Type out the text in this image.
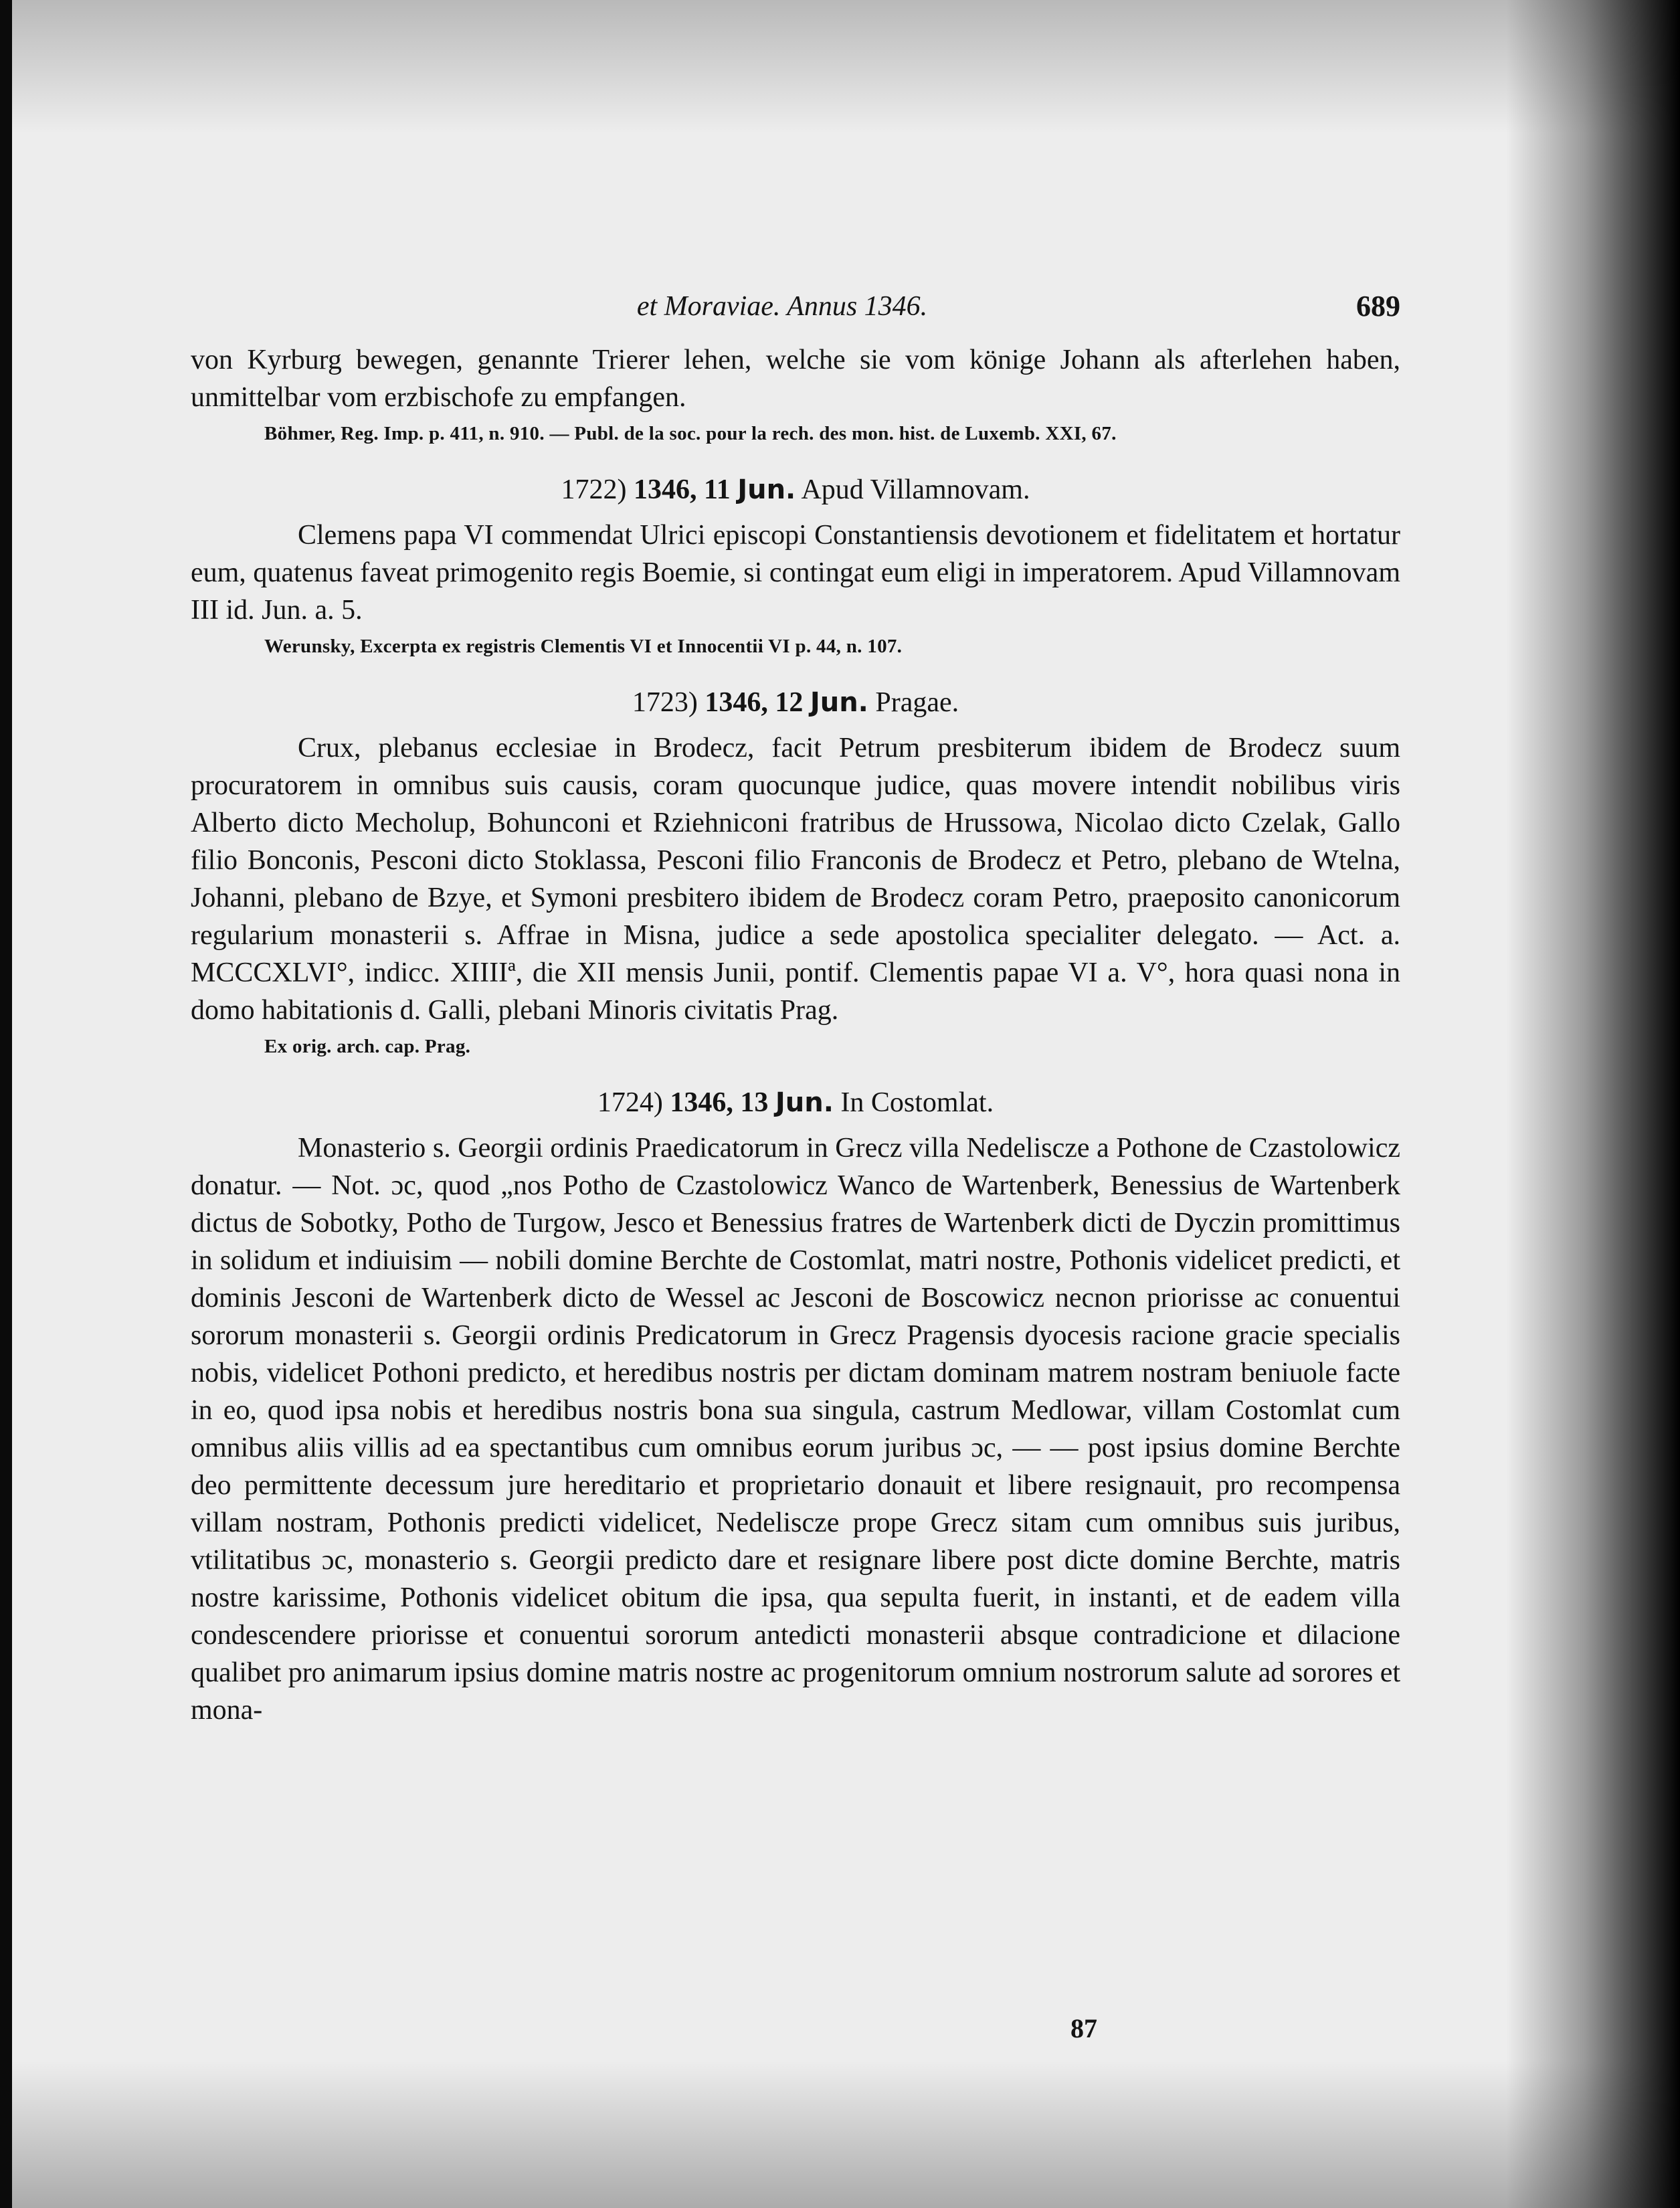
et Moraviae. Annus 1346.	689

von Kyrburg bewegen, genannte Trierer lehen, welche sie vom könige Johann als afterlehen haben, unmittelbar vom erzbischofe zu empfangen.

Böhmer, Reg. Imp. p. 411, n. 910. — Publ. de la soc. pour la rech. des mon. hist. de Luxemb. XXI, 67.

1722) 1346, 11 Jun. Apud Villamnovam.

Clemens papa VI commendat Ulrici episcopi Constantiensis devotionem et fidelitatem et hortatur eum, quatenus faveat primogenito regis Boemie, si contingat eum eligi in imperatorem. Apud Villamnovam III id. Jun. a. 5.

Werunsky, Excerpta ex registris Clementis VI et Innocentii VI p. 44, n. 107.

1723) 1346, 12 Jun. Pragae.

Crux, plebanus ecclesiae in Brodecz, facit Petrum presbiterum ibidem de Brodecz suum procuratorem in omnibus suis causis, coram quocunque judice, quas movere intendit nobilibus viris Alberto dicto Mecholup, Bohunconi et Rziehniconi fratribus de Hrussowa, Nicolao dicto Czelak, Gallo filio Bonconis, Pesconi dicto Stoklassa, Pesconi filio Franconis de Brodecz et Petro, plebano de Wtelna, Johanni, plebano de Bzye, et Symoni presbitero ibidem de Brodecz coram Petro, praeposito canonicorum regularium monasterii s. Affrae in Misna, judice a sede apostolica specialiter delegato. — Act. a. MCCCXLVI°, indicc. XIIIIª, die XII mensis Junii, pontif. Clementis papae VI a. V°, hora quasi nona in domo habitationis d. Galli, plebani Minoris civitatis Prag.

Ex orig. arch. cap. Prag.

1724) 1346, 13 Jun. In Costomlat.

Monasterio s. Georgii ordinis Praedicatorum in Grecz villa Nedeliscze a Pothone de Czastolowicz donatur. — Not. ɔc, quod „nos Potho de Czastolowicz Wanco de Wartenberk, Benessius de Wartenberk dictus de Sobotky, Potho de Turgow, Jesco et Benessius fratres de Wartenberk dicti de Dyczin promittimus in solidum et indiuisim — nobili domine Berchte de Costomlat, matri nostre, Pothonis videlicet predicti, et dominis Jesconi de Wartenberk dicto de Wessel ac Jesconi de Boscowicz necnon priorisse ac conuentui sororum monasterii s. Georgii ordinis Predicatorum in Grecz Pragensis dyocesis racione gracie specialis nobis, videlicet Pothoni predicto, et heredibus nostris per dictam dominam matrem nostram beniuole facte in eo, quod ipsa nobis et heredibus nostris bona sua singula, castrum Medlowar, villam Costomlat cum omnibus aliis villis ad ea spectantibus cum omnibus eorum juribus ɔc, — — post ipsius domine Berchte deo permittente decessum jure hereditario et proprietario donauit et libere resignauit, pro recompensa villam nostram, Pothonis predicti videlicet, Nedeliscze prope Grecz sitam cum omnibus suis juribus, vtilitatibus ɔc, monasterio s. Georgii predicto dare et resignare libere post dicte domine Berchte, matris nostre karissime, Pothonis videlicet obitum die ipsa, qua sepulta fuerit, in instanti, et de eadem villa condescendere priorisse et conuentui sororum antedicti monasterii absque contradicione et dilacione qualibet pro animarum ipsius domine matris nostre ac progenitorum omnium nostrorum salute ad sorores et mona-

87
